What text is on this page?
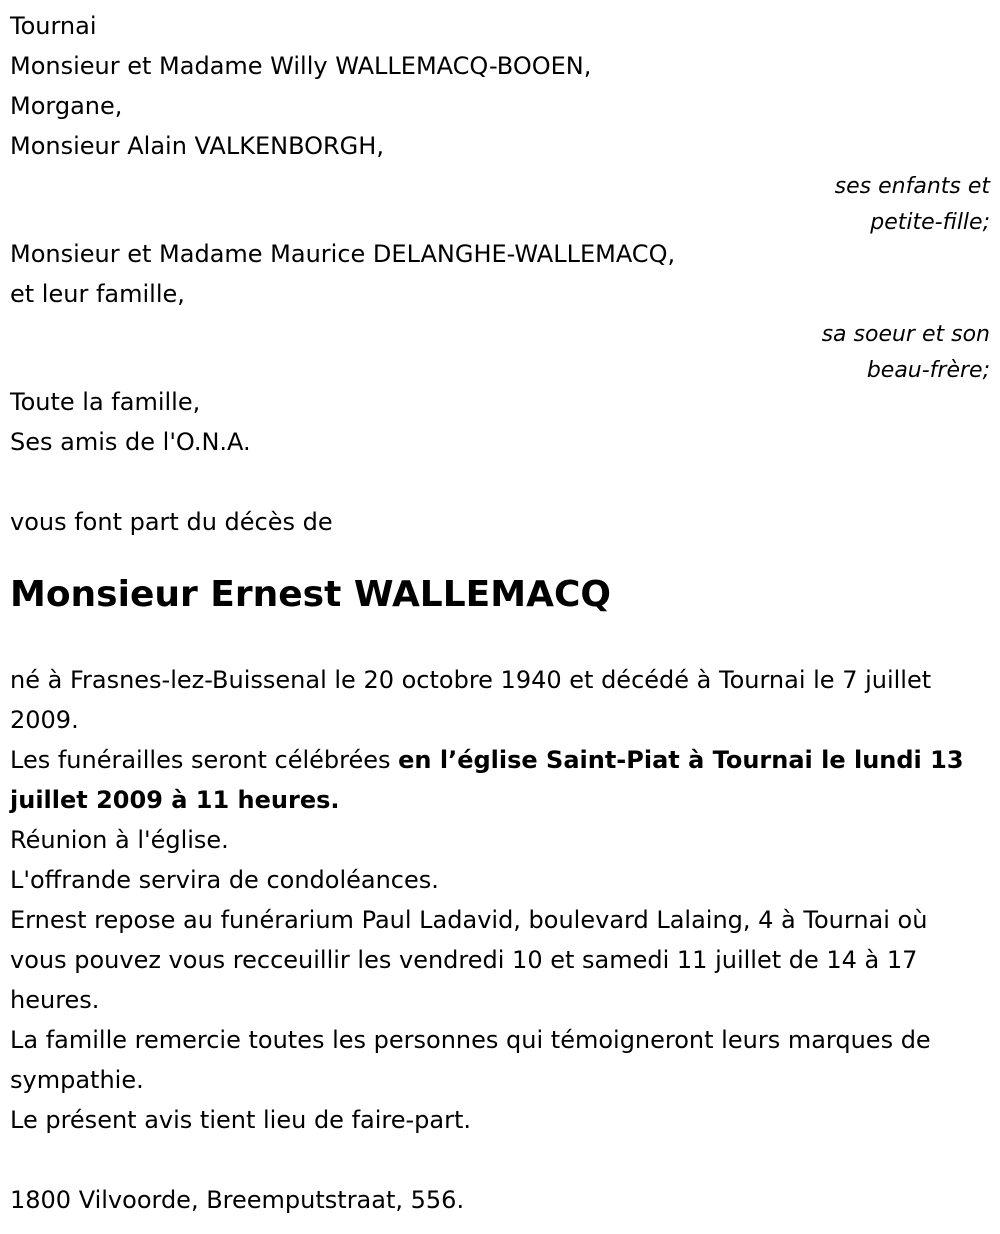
Tournai
Monsieur et Madame Willy WALLEMACQ-BOOEN,
Morgane,
Monsieur Alain VALKENBORGH,
ses enfants et
petite-fille;
Monsieur et Madame Maurice DELANGHE-WALLEMACQ,
et leur famille,
sa soeur et son
beau-frère;
Toute la famille,
Ses amis de l'O.N.A.
vous font part du décès de
Monsieur Ernest WALLEMACQ
né à Frasnes-lez-Buissenal le 20 octobre 1940 et décédé à Tournai le 7 juillet 2009.
Les funérailles seront célébrées en l’église Saint-Piat à Tournai le lundi 13 juillet 2009 à 11 heures.
Réunion à l'église.
L'offrande servira de condoléances.
Ernest repose au funérarium Paul Ladavid, boulevard Lalaing, 4 à Tournai où vous pouvez vous recceuillir les vendredi 10 et samedi 11 juillet de 14 à 17 heures.
La famille remercie toutes les personnes qui témoigneront leurs marques de sympathie.
Le présent avis tient lieu de faire-part.
1800 Vilvoorde, Breemputstraat, 556.
